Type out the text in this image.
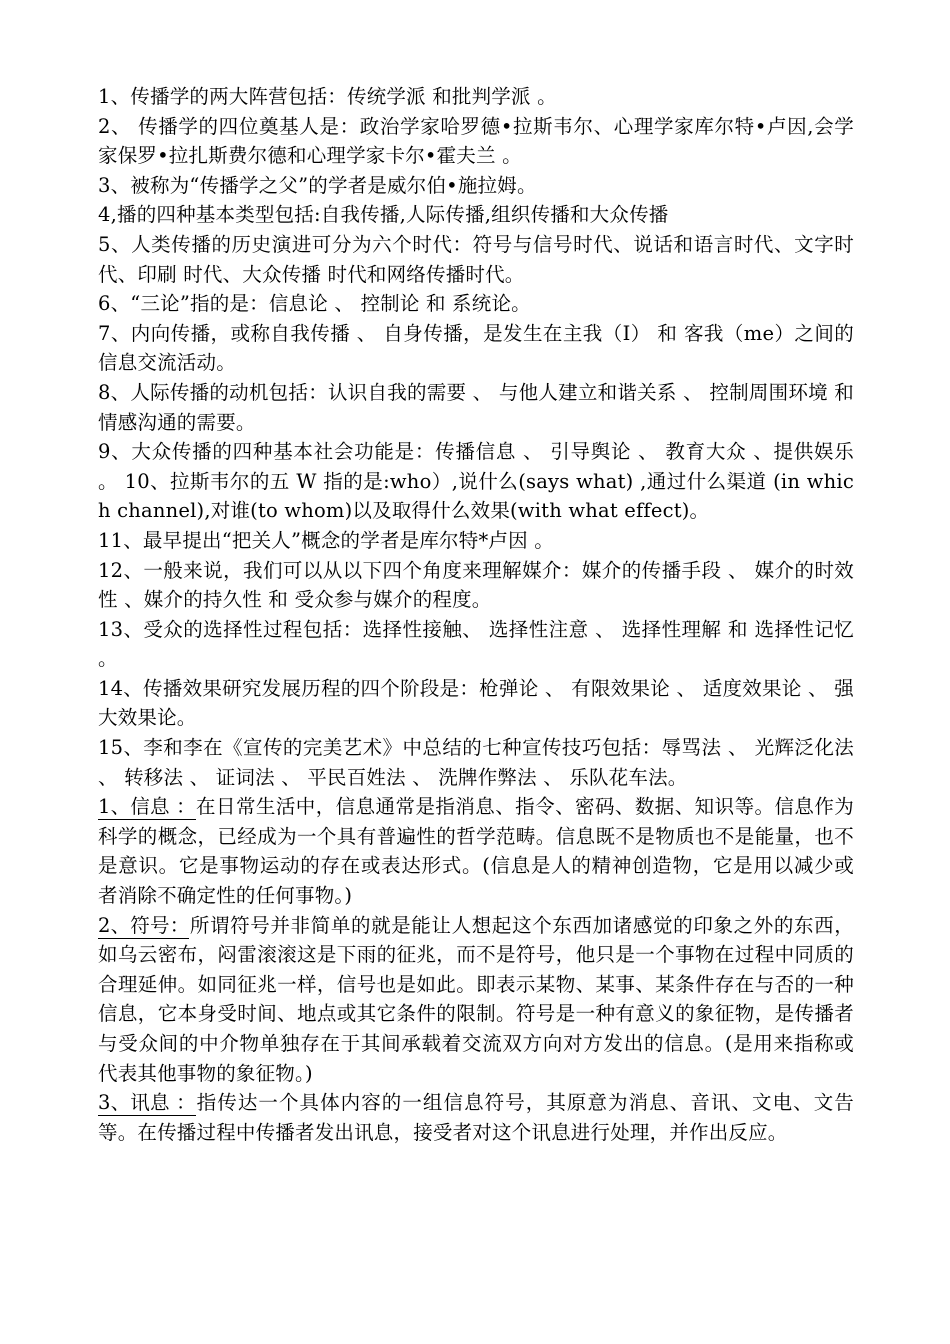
1、传播学的两大阵营包括：传统学派 和批判学派 。

2、 传播学的四位奠基人是：政治学家哈罗德•拉斯韦尔、心理学家库尔特•卢因,会学家保罗•拉扎斯费尔德和心理学家卡尔•霍夫兰 。

3、被称为“传播学之父”的学者是威尔伯•施拉姆。

4,播的四种基本类型包括:自我传播,人际传播,组织传播和大众传播

5、人类传播的历史演进可分为六个时代：符号与信号时代、说话和语言时代、文字时代、印刷 时代、大众传播 时代和网络传播时代。

6、“三论”指的是：信息论 、 控制论 和 系统论。

7、内向传播，或称自我传播 、 自身传播，是发生在主我（I） 和 客我（me）之间的信息交流活动。

8、人际传播的动机包括：认识自我的需要 、 与他人建立和谐关系 、 控制周围环境 和情感沟通的需要。

9、大众传播的四种基本社会功能是：传播信息 、 引导舆论 、 教育大众 、提供娱乐 。 10、拉斯韦尔的五 W 指的是:who）,说什么(says what) ,通过什么渠道 (in which channel),对谁(to whom)以及取得什么效果(with what effect)。

11、最早提出“把关人”概念的学者是库尔特*卢因 。

12、一般来说，我们可以从以下四个角度来理解媒介：媒介的传播手段 、 媒介的时效性 、媒介的持久性 和 受众参与媒介的程度。

13、受众的选择性过程包括：选择性接触、 选择性注意 、 选择性理解 和 选择性记忆 。

14、传播效果研究发展历程的四个阶段是：枪弹论 、 有限效果论 、 适度效果论 、 强大效果论。

15、李和李在《宣传的完美艺术》中总结的七种宣传技巧包括：辱骂法 、 光辉泛化法 、 转移法 、 证词法 、 平民百姓法 、 洗牌作弊法 、 乐队花车法。

1、信息 ：在日常生活中，信息通常是指消息、指令、密码、数据、知识等。信息作为科学的概念，已经成为一个具有普遍性的哲学范畴。信息既不是物质也不是能量，也不是意识。它是事物运动的存在或表达形式。(信息是人的精神创造物，它是用以减少或者消除不确定性的任何事物。)

2、符号：所谓符号并非简单的就是能让人想起这个东西加诸感觉的印象之外的东西，如乌云密布，闷雷滚滚这是下雨的征兆，而不是符号，他只是一个事物在过程中同质的合理延伸。如同征兆一样，信号也是如此。即表示某物、某事、某条件存在与否的一种信息，它本身受时间、地点或其它条件的限制。符号是一种有意义的象征物，是传播者与受众间的中介物单独存在于其间承载着交流双方向对方发出的信息。(是用来指称或代表其他事物的象征物。)

3、讯息 ：指传达一个具体内容的一组信息符号，其原意为消息、音讯、文电、文告等。在传播过程中传播者发出讯息，接受者对这个讯息进行处理，并作出反应。
